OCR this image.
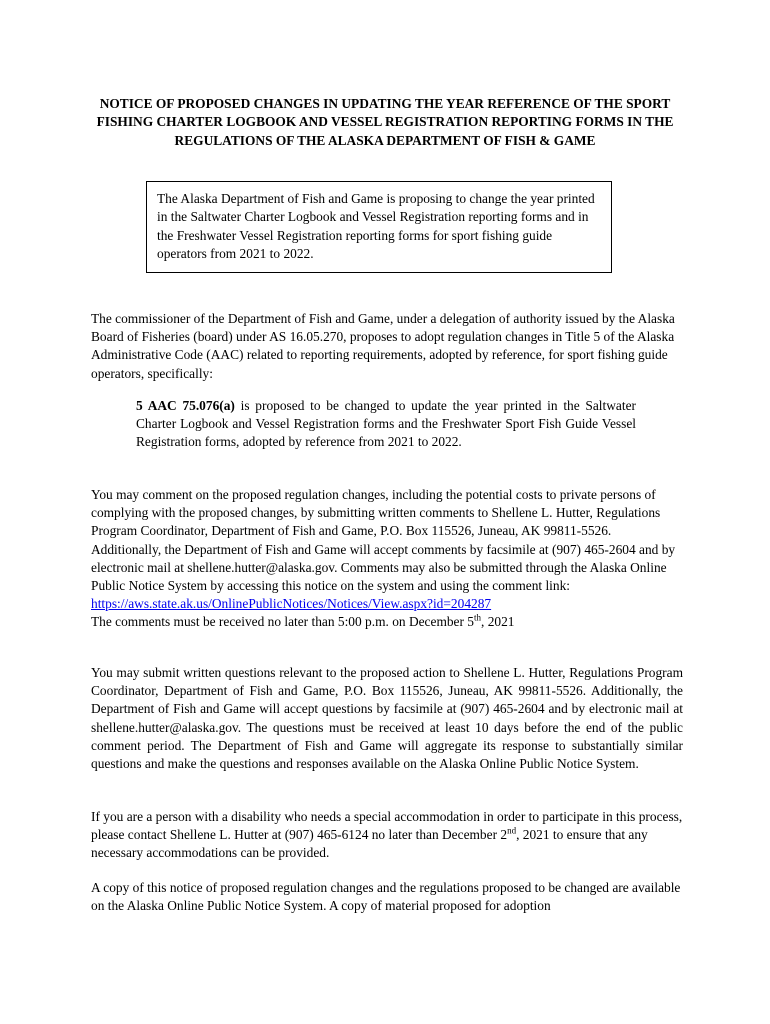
NOTICE OF PROPOSED CHANGES IN UPDATING THE YEAR REFERENCE OF THE SPORT FISHING CHARTER LOGBOOK AND VESSEL REGISTRATION REPORTING FORMS IN THE REGULATIONS OF THE ALASKA DEPARTMENT OF FISH & GAME
The Alaska Department of Fish and Game is proposing to change the year printed in the Saltwater Charter Logbook and Vessel Registration reporting forms and in the Freshwater Vessel Registration reporting forms for sport fishing guide operators from 2021 to 2022.
The commissioner of the Department of Fish and Game, under a delegation of authority issued by the Alaska Board of Fisheries (board) under AS 16.05.270, proposes to adopt regulation changes in Title 5 of the Alaska Administrative Code (AAC) related to reporting requirements, adopted by reference, for sport fishing guide operators, specifically:
5 AAC 75.076(a) is proposed to be changed to update the year printed in the Saltwater Charter Logbook and Vessel Registration forms and the Freshwater Sport Fish Guide Vessel Registration forms, adopted by reference from 2021 to 2022.
You may comment on the proposed regulation changes, including the potential costs to private persons of complying with the proposed changes, by submitting written comments to Shellene L. Hutter, Regulations Program Coordinator, Department of Fish and Game, P.O. Box 115526, Juneau, AK 99811-5526. Additionally, the Department of Fish and Game will accept comments by facsimile at (907) 465-2604 and by electronic mail at shellene.hutter@alaska.gov. Comments may also be submitted through the Alaska Online Public Notice System by accessing this notice on the system and using the comment link:
https://aws.state.ak.us/OnlinePublicNotices/Notices/View.aspx?id=204287
The comments must be received no later than 5:00 p.m. on December 5th, 2021
You may submit written questions relevant to the proposed action to Shellene L. Hutter, Regulations Program Coordinator, Department of Fish and Game, P.O. Box 115526, Juneau, AK 99811-5526. Additionally, the Department of Fish and Game will accept questions by facsimile at (907) 465-2604 and by electronic mail at shellene.hutter@alaska.gov. The questions must be received at least 10 days before the end of the public comment period. The Department of Fish and Game will aggregate its response to substantially similar questions and make the questions and responses available on the Alaska Online Public Notice System.
If you are a person with a disability who needs a special accommodation in order to participate in this process, please contact Shellene L. Hutter at (907) 465-6124 no later than December 2nd, 2021 to ensure that any necessary accommodations can be provided.
A copy of this notice of proposed regulation changes and the regulations proposed to be changed are available on the Alaska Online Public Notice System. A copy of material proposed for adoption
